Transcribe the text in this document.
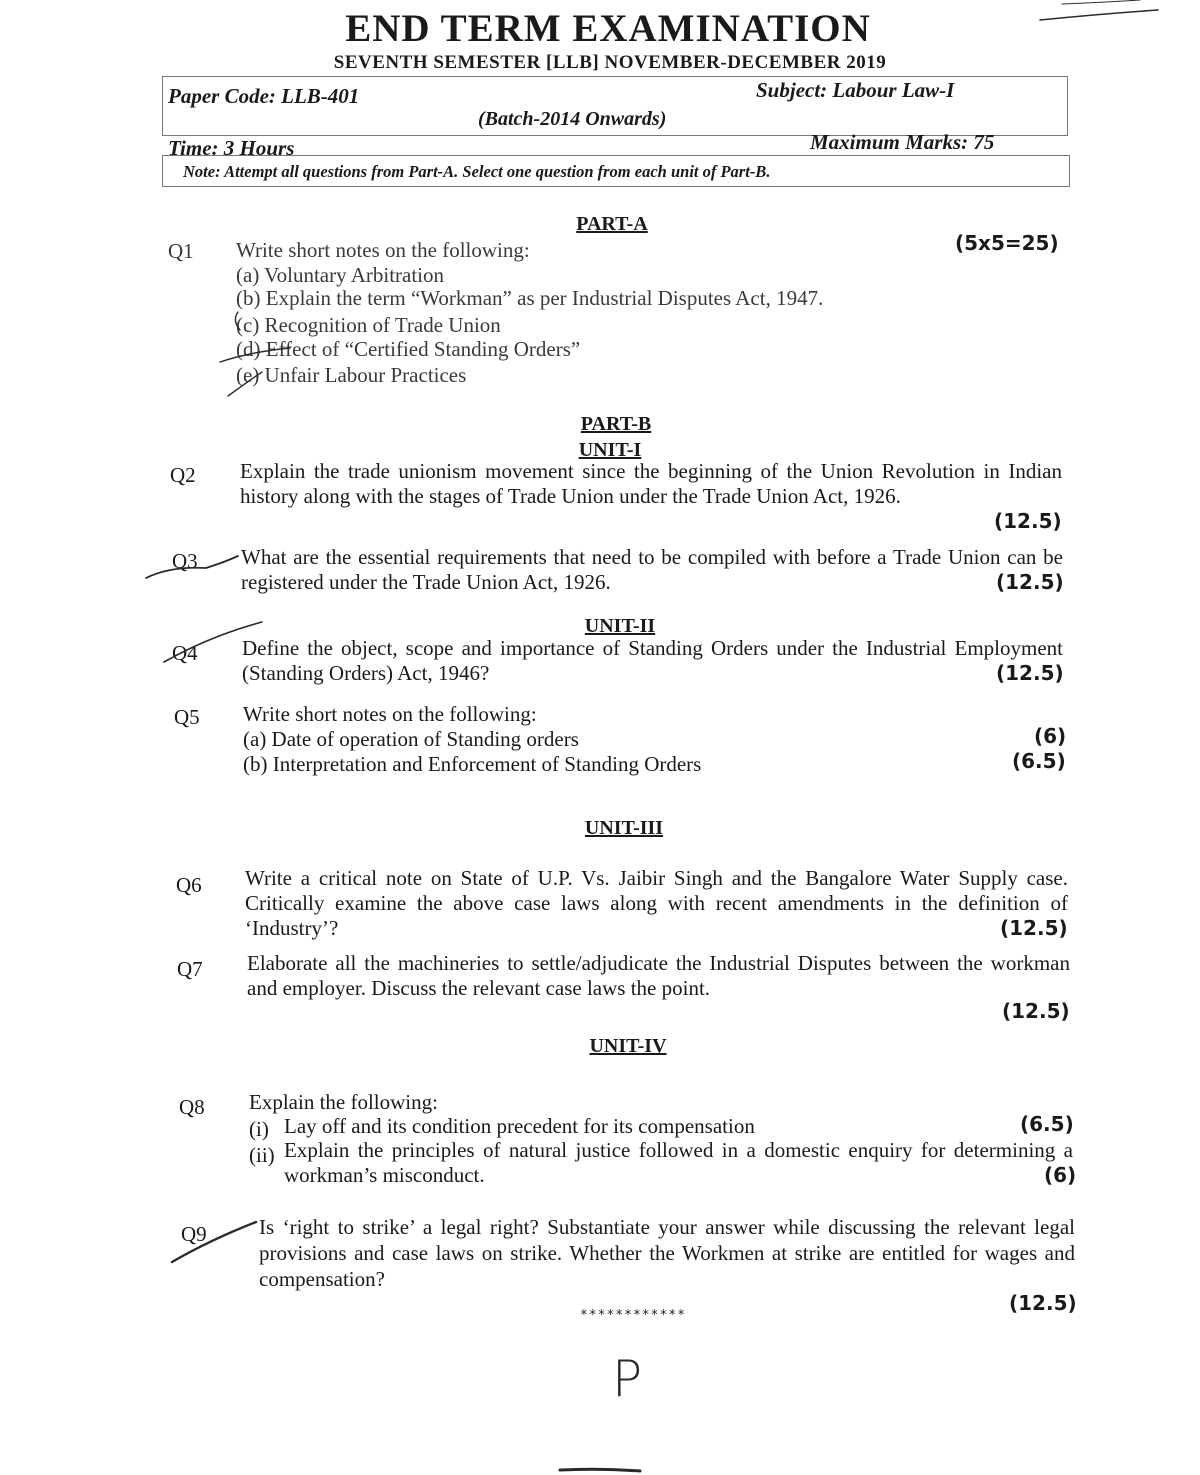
END TERM EXAMINATION
SEVENTH SEMESTER [LLB] NOVEMBER-DECEMBER 2019
Paper Code: LLB-401	Subject: Labour Law-I
(Batch-2014 Onwards)
Time: 3 Hours	Maximum Marks: 75
Note: Attempt all questions from Part-A. Select one question from each unit of Part-B.
PART-A
Q1 Write short notes on the following:	(5x5=25)
(a) Voluntary Arbitration
(b) Explain the term “Workman” as per Industrial Disputes Act, 1947.
(c) Recognition of Trade Union
(d) Effect of “Certified Standing Orders”
(e) Unfair Labour Practices
PART-B
UNIT-I
Q2 Explain the trade unionism movement since the beginning of the Union Revolution in Indian history along with the stages of Trade Union under the Trade Union Act, 1926.
(12.5)
Q3 What are the essential requirements that need to be compiled with before a Trade Union can be registered under the Trade Union Act, 1926.	(12.5)
UNIT-II
Q4 Define the object, scope and importance of Standing Orders under the Industrial Employment (Standing Orders) Act, 1946?	(12.5)
Q5 Write short notes on the following:
(a) Date of operation of Standing orders	(6)
(b) Interpretation and Enforcement of Standing Orders	(6.5)
UNIT-III
Q6 Write a critical note on State of U.P. Vs. Jaibir Singh and the Bangalore Water Supply case. Critically examine the above case laws along with recent amendments in the definition of ‘Industry’?	(12.5)
Q7 Elaborate all the machineries to settle/adjudicate the Industrial Disputes between the workman and employer. Discuss the relevant case laws the point.
(12.5)
UNIT-IV
Q8 Explain the following:
(i) Lay off and its condition precedent for its compensation	(6.5)
(ii) Explain the principles of natural justice followed in a domestic enquiry for determining a workman’s misconduct.	(6)
Q9 Is ‘right to strike’ a legal right? Substantiate your answer while discussing the relevant legal provisions and case laws on strike. Whether the Workmen at strike are entitled for wages and compensation?
(12.5)
************
P
